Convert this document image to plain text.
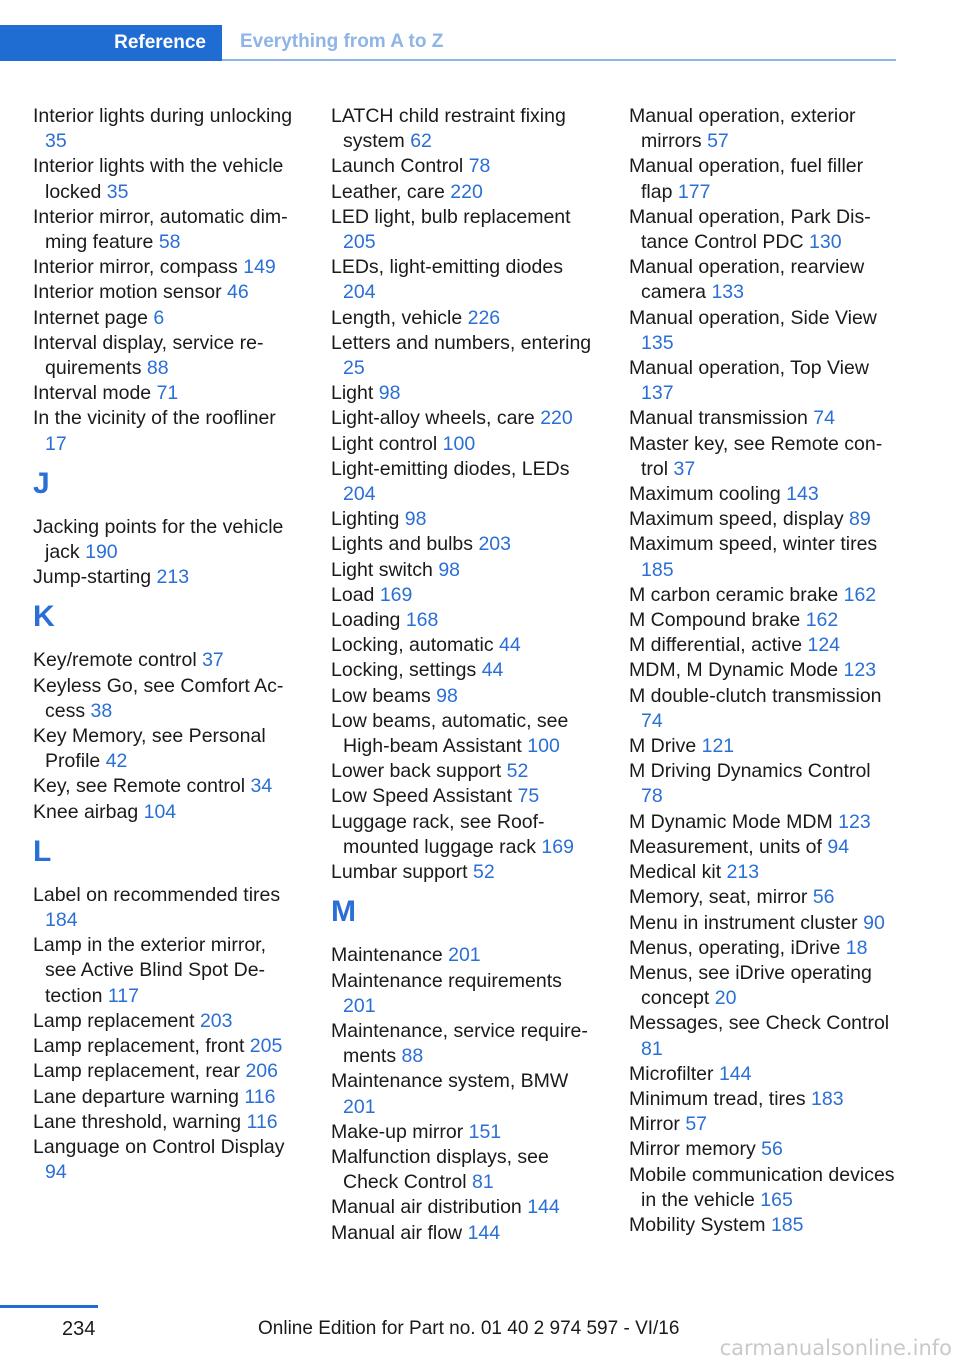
Reference	Everything from A to Z
Interior lights during unlocking 35
Interior lights with the vehicle locked 35
Interior mirror, automatic dimming feature 58
Interior mirror, compass 149
Interior motion sensor 46
Internet page 6
Interval display, service requirements 88
Interval mode 71
In the vicinity of the roofliner 17
J
Jacking points for the vehicle jack 190
Jump-starting 213
K
Key/remote control 37
Keyless Go, see Comfort Access 38
Key Memory, see Personal Profile 42
Key, see Remote control 34
Knee airbag 104
L
Label on recommended tires 184
Lamp in the exterior mirror, see Active Blind Spot Detection 117
Lamp replacement 203
Lamp replacement, front 205
Lamp replacement, rear 206
Lane departure warning 116
Lane threshold, warning 116
Language on Control Display 94
LATCH child restraint fixing system 62
Launch Control 78
Leather, care 220
LED light, bulb replacement 205
LEDs, light-emitting diodes 204
Length, vehicle 226
Letters and numbers, entering 25
Light 98
Light-alloy wheels, care 220
Light control 100
Light-emitting diodes, LEDs 204
Lighting 98
Lights and bulbs 203
Light switch 98
Load 169
Loading 168
Locking, automatic 44
Locking, settings 44
Low beams 98
Low beams, automatic, see High-beam Assistant 100
Lower back support 52
Low Speed Assistant 75
Luggage rack, see Roof-mounted luggage rack 169
Lumbar support 52
M
Maintenance 201
Maintenance requirements 201
Maintenance, service requirements 88
Maintenance system, BMW 201
Make-up mirror 151
Malfunction displays, see Check Control 81
Manual air distribution 144
Manual air flow 144
Manual operation, exterior mirrors 57
Manual operation, fuel filler flap 177
Manual operation, Park Distance Control PDC 130
Manual operation, rearview camera 133
Manual operation, Side View 135
Manual operation, Top View 137
Manual transmission 74
Master key, see Remote control 37
Maximum cooling 143
Maximum speed, display 89
Maximum speed, winter tires 185
M carbon ceramic brake 162
M Compound brake 162
M differential, active 124
MDM, M Dynamic Mode 123
M double-clutch transmission 74
M Drive 121
M Driving Dynamics Control 78
M Dynamic Mode MDM 123
Measurement, units of 94
Medical kit 213
Memory, seat, mirror 56
Menu in instrument cluster 90
Menus, operating, iDrive 18
Menus, see iDrive operating concept 20
Messages, see Check Control 81
Microfilter 144
Minimum tread, tires 183
Mirror 57
Mirror memory 56
Mobile communication devices in the vehicle 165
Mobility System 185
234	Online Edition for Part no. 01 40 2 974 597 - VI/16
carmanualsonline.info
